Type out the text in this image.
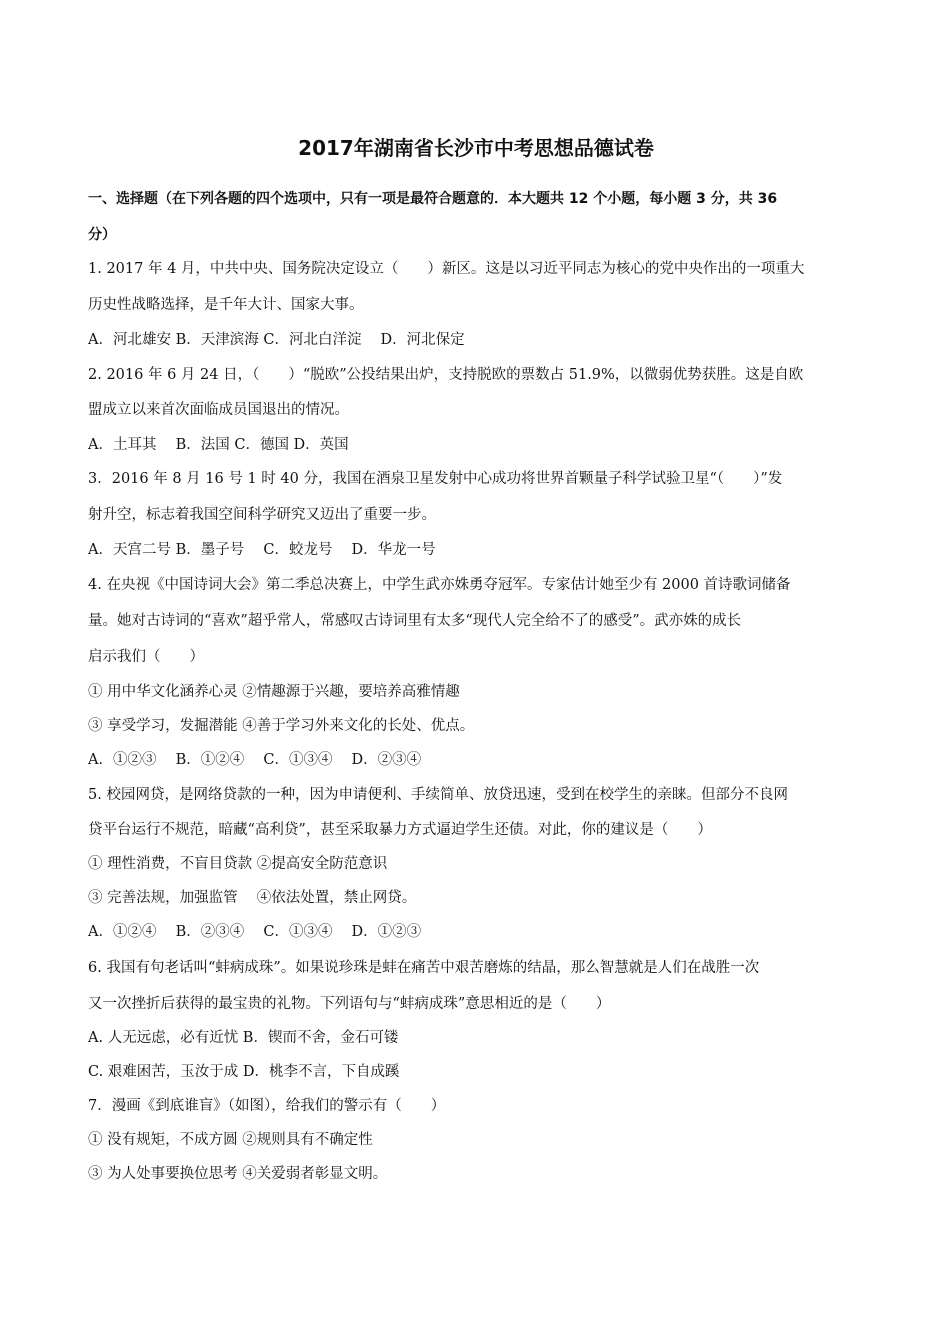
2017年湖南省长沙市中考思想品德试卷
一、选择题（在下列各题的四个选项中，只有一项是最符合题意的．本大题共 12 个小题，每小题 3 分，共 36
分）
1. 2017 年 4 月，中共中央、国务院决定设立（　　）新区。这是以习近平同志为核心的党中央作出的一项重大
历史性战略选择，是千年大计、国家大事。
A．河北雄安 B．天津滨海 C．河北白洋淀　 D．河北保定
2. 2016 年 6 月 24 日，（　　）“脱欧”公投结果出炉，支持脱欧的票数占 51.9%，以微弱优势获胜。这是自欧
盟成立以来首次面临成员国退出的情况。
A．土耳其　 B．法国 C．德国 D．英国
3．2016 年 8 月 16 号 1 时 40 分，我国在酒泉卫星发射中心成功将世界首颗量子科学试验卫星“（　　）”发
射升空，标志着我国空间科学研究又迈出了重要一步。
A．天宫二号 B．墨子号　 C．蛟龙号　 D．华龙一号
4. 在央视《中国诗词大会》第二季总决赛上，中学生武亦姝勇夺冠军。专家估计她至少有 2000 首诗歌词储备
量。她对古诗词的“喜欢”超乎常人，常感叹古诗词里有太多“现代人完全给不了的感受”。武亦姝的成长
启示我们（　　）
① 用中华文化涵养心灵 ②情趣源于兴趣，要培养高雅情趣
③ 享受学习，发掘潜能 ④善于学习外来文化的长处、优点。
A．①②③　 B．①②④　 C．①③④　 D．②③④
5. 校园网贷，是网络贷款的一种，因为申请便利、手续简单、放贷迅速，受到在校学生的亲睐。但部分不良网
贷平台运行不规范，暗藏“高利贷”，甚至采取暴力方式逼迫学生还债。对此，你的建议是（　　）
① 理性消费，不盲目贷款 ②提高安全防范意识
③ 完善法规，加强监管　 ④依法处置，禁止网贷。
A．①②④　 B．②③④　 C．①③④　 D．①②③
6. 我国有句老话叫“蚌病成珠”。如果说珍珠是蚌在痛苦中艰苦磨炼的结晶，那么智慧就是人们在战胜一次
又一次挫折后获得的最宝贵的礼物。下列语句与“蚌病成珠”意思相近的是（　　）
A. 人无远虑，必有近忧 B．锲而不舍，金石可镂
C. 艰难困苦，玉汝于成 D．桃李不言，下自成蹊
7．漫画《到底谁盲》（如图），给我们的警示有（　　）
① 没有规矩，不成方圆 ②规则具有不确定性
③ 为人处事要换位思考 ④关爱弱者彰显文明。
